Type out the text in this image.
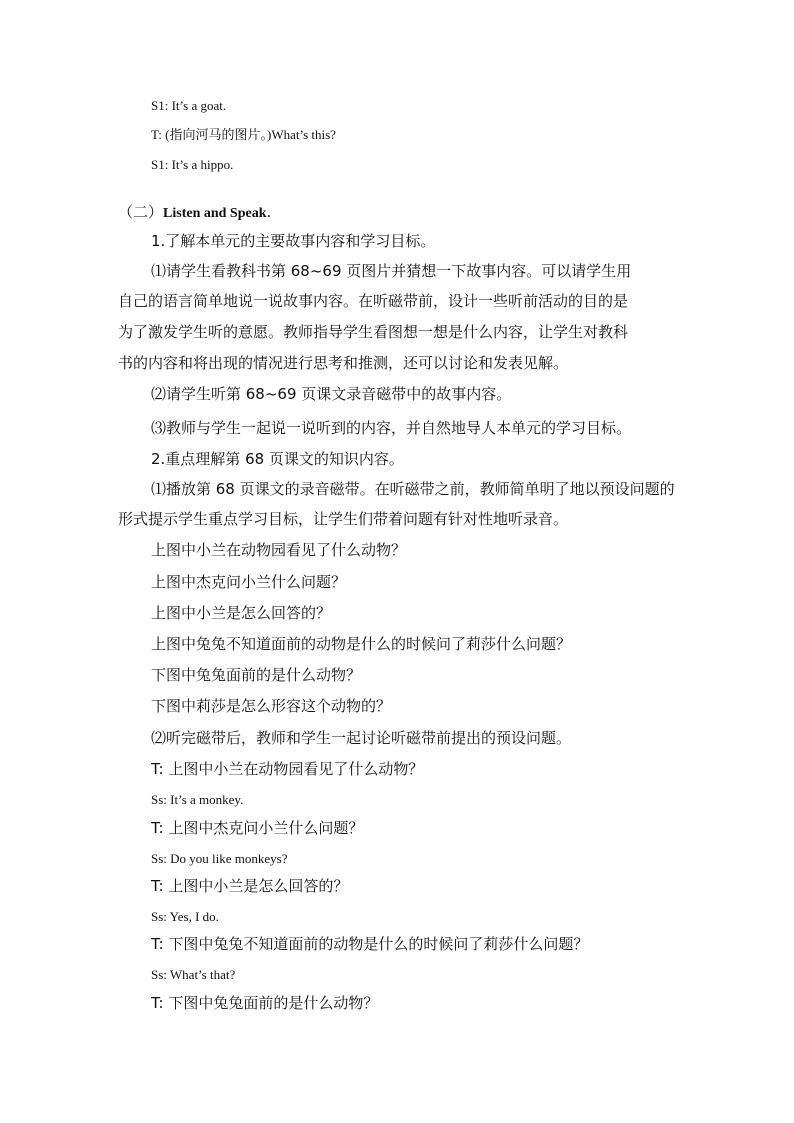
S1: It’s a goat.
T: (指向河马的图片。)What’s this?
S1: It’s a hippo.
（二）Listen and Speak.
1.了解本单元的主要故事内容和学习目标。
⑴请学生看教科书第 68~69 页图片并猜想一下故事内容。可以请学生用
自己的语言简单地说一说故事内容。在听磁带前，设计一些听前活动的目的是
为了激发学生听的意愿。教师指导学生看图想一想是什么内容，让学生对教科
书的内容和将出现的情况进行思考和推测，还可以讨论和发表见解。
⑵请学生听第 68~69 页课文录音磁带中的故事内容。
⑶教师与学生一起说一说听到的内容，并自然地导人本单元的学习目标。
2.重点理解第 68 页课文的知识内容。
⑴播放第 68 页课文的录音磁带。在听磁带之前，教师简单明了地以预设问题的
形式提示学生重点学习目标，让学生们带着问题有针对性地听录音。
上图中小兰在动物园看见了什么动物？
上图中杰克问小兰什么问题？
上图中小兰是怎么回答的？
上图中兔兔不知道面前的动物是什么的时候问了莉莎什么问题？
下图中兔兔面前的是什么动物？
下图中莉莎是怎么形容这个动物的？
⑵听完磁带后，教师和学生一起讨论听磁带前提出的预设问题。
T: 上图中小兰在动物园看见了什么动物？
Ss: It’s a monkey.
T: 上图中杰克问小兰什么问题？
Ss: Do you like monkeys?
T: 上图中小兰是怎么回答的？
Ss: Yes, I do.
T: 下图中兔兔不知道面前的动物是什么的时候问了莉莎什么问题？
Ss: What’s that?
T: 下图中兔兔面前的是什么动物？
